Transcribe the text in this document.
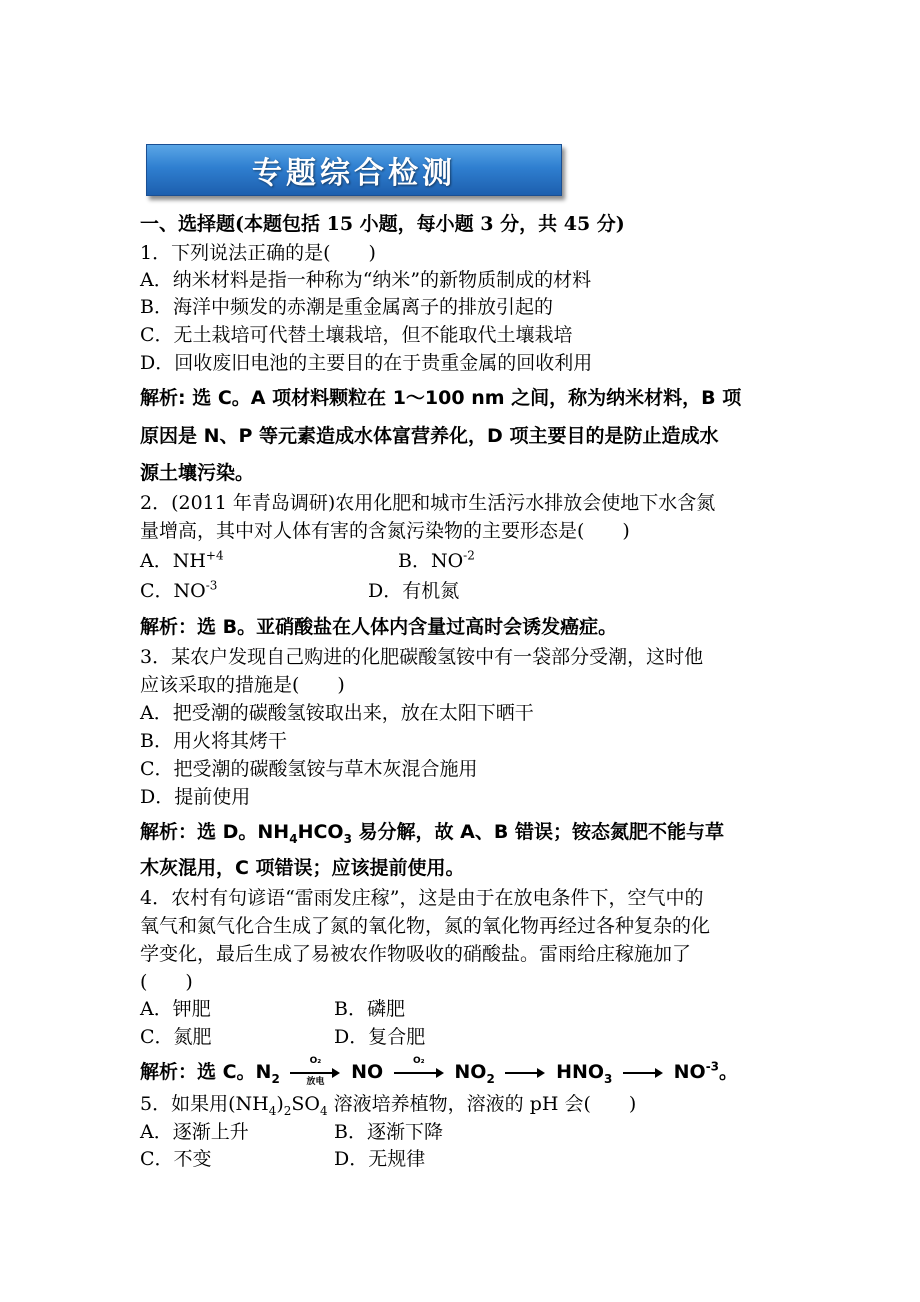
专题综合检测
一、选择题(本题包括 15 小题，每小题 3 分，共 45 分)
1．下列说法正确的是(　　)
A．纳米材料是指一种称为“纳米”的新物质制成的材料
B．海洋中频发的赤潮是重金属离子的排放引起的
C．无土栽培可代替土壤栽培，但不能取代土壤栽培
D．回收废旧电池的主要目的在于贵重金属的回收利用
解析: 选 C。A 项材料颗粒在 1～100 nm 之间，称为纳米材料，B 项
原因是 N、P 等元素造成水体富营养化，D 项主要目的是防止造成水
源土壤污染。
2．(2011 年青岛调研)农用化肥和城市生活污水排放会使地下水含氮
量增高，其中对人体有害的含氮污染物的主要形态是(　　)
A．$NH^{+4}$	B．$NO^{-2}$
C．$NO^{-3}$	D．有机氮
解析：选 B。亚硝酸盐在人体内含量过高时会诱发癌症。
3．某农户发现自己购进的化肥碳酸氢铵中有一袋部分受潮，这时他
应该采取的措施是(　　)
A．把受潮的碳酸氢铵取出来，放在太阳下晒干
B．用火将其烤干
C．把受潮的碳酸氢铵与草木灰混合施用
D．提前使用
解析：选 D。$NH_4HCO_3$ 易分解，故 A、B 错误；铵态氮肥不能与草
木灰混用，C 项错误；应该提前使用。
4．农村有句谚语“雷雨发庄稼”，这是由于在放电条件下，空气中的
氧气和氮气化合生成了氮的氧化物，氮的氧化物再经过各种复杂的化
学变化，最后生成了易被农作物吸收的硝酸盐。雷雨给庄稼施加了
(　　)
A．钾肥	B．磷肥
C．氮肥	D．复合肥
解析：选 C。$N_2$
O₂
放电	NO
O₂
$NO_2$	$HNO_3$	$NO^{-3}$。
5．如果用$(NH_4)_2SO_4$ 溶液培养植物，溶液的 pH 会(　　)
A．逐渐上升	B．逐渐下降
C．不变	D．无规律
